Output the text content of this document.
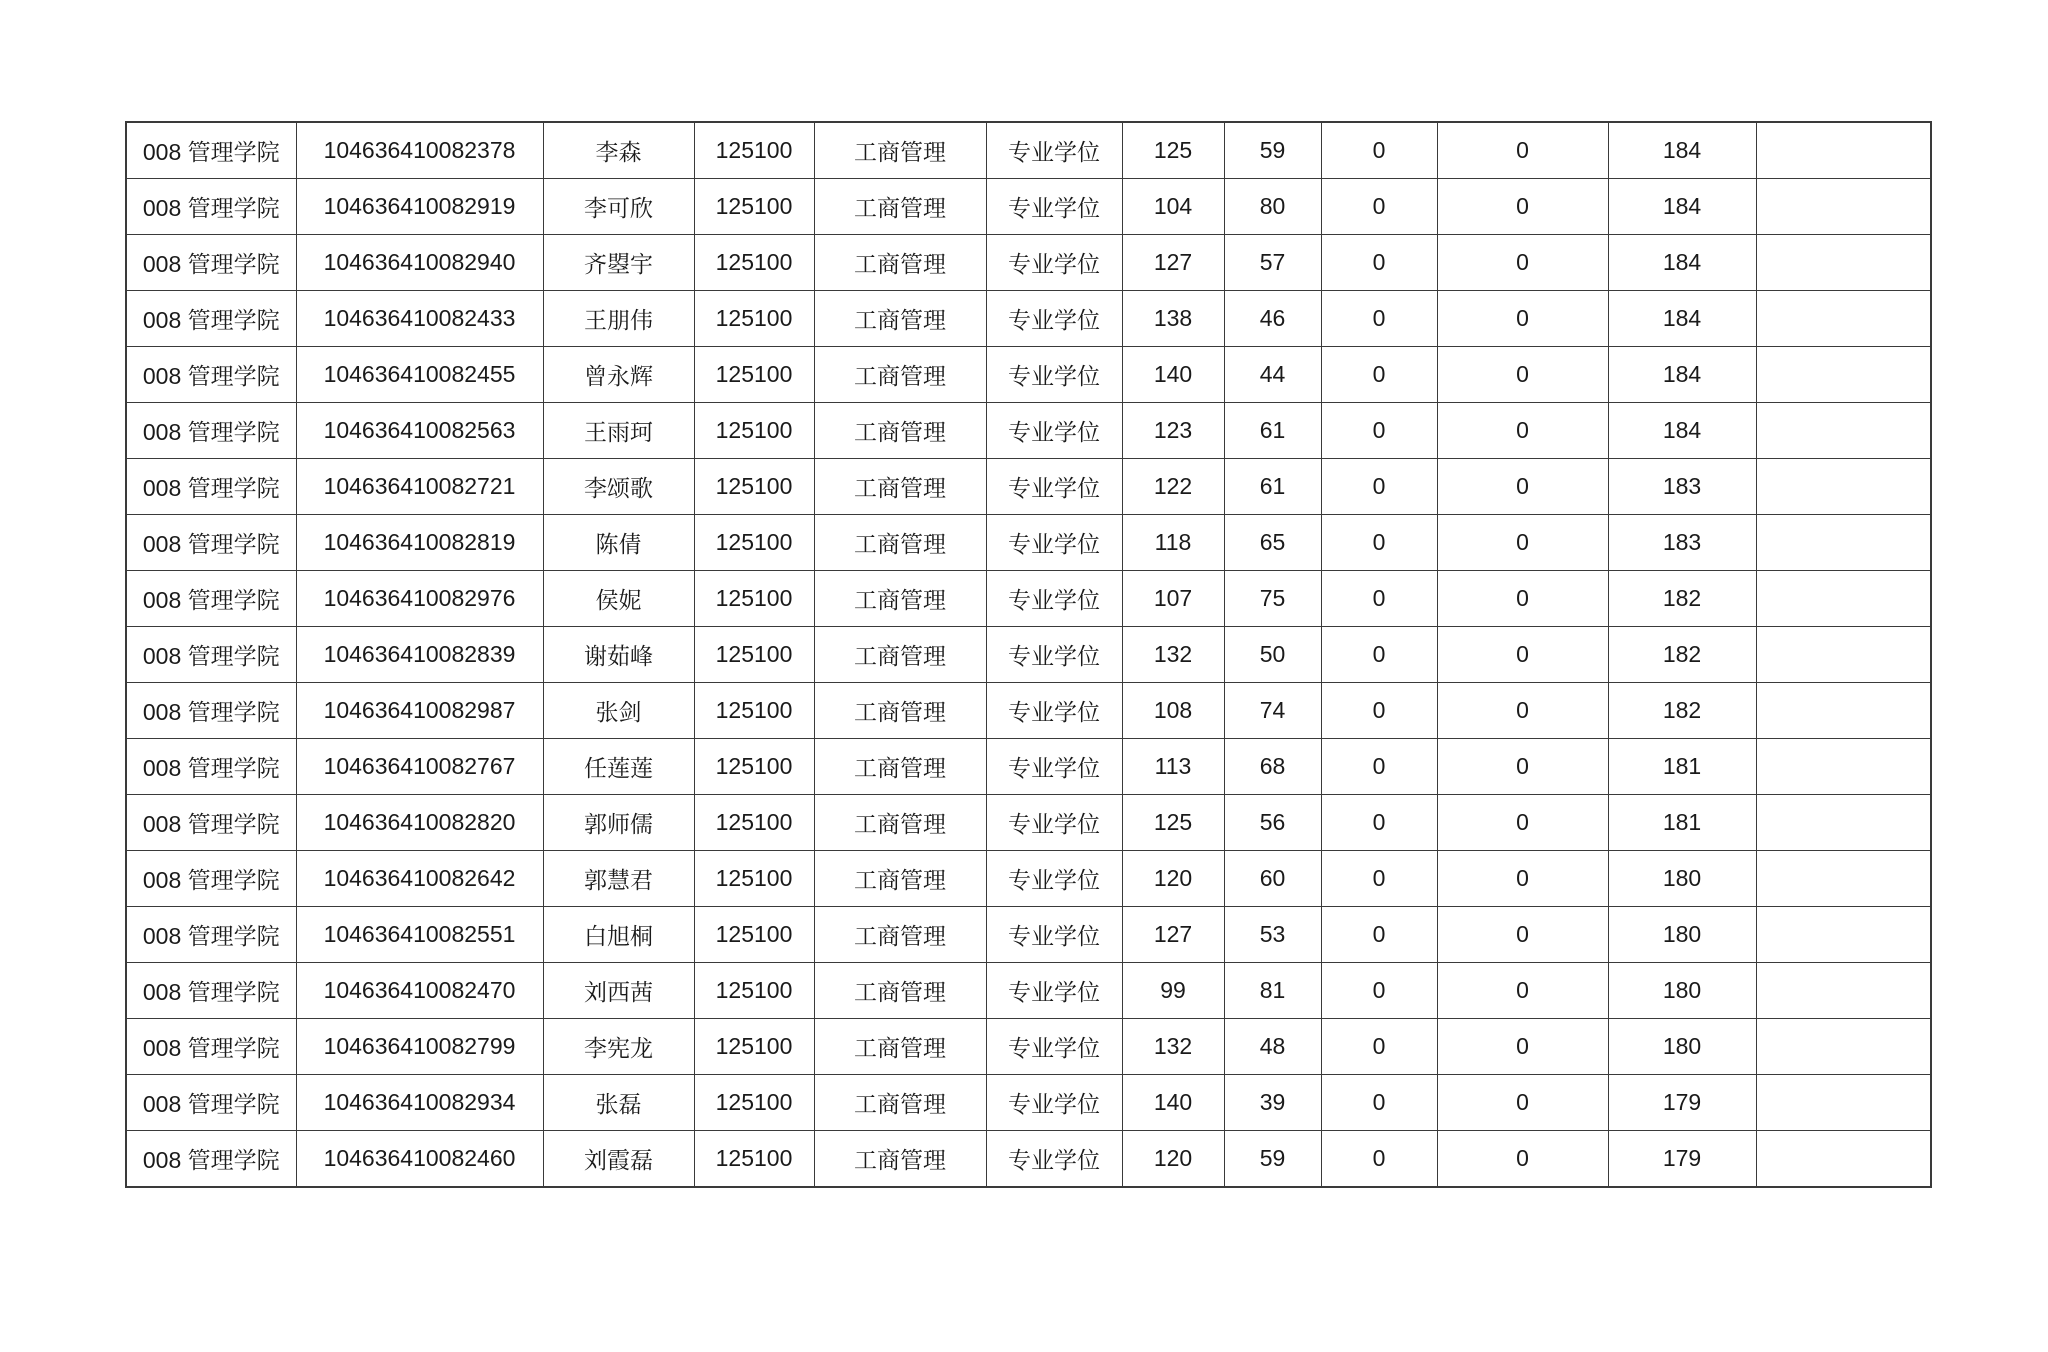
008 管理学院	104636410082378	李森	125100	工商管理	专业学位	125	59	0	0	184	
008 管理学院	104636410082919	李可欣	125100	工商管理	专业学位	104	80	0	0	184	
008 管理学院	104636410082940	齐曌宇	125100	工商管理	专业学位	127	57	0	0	184	
008 管理学院	104636410082433	王朋伟	125100	工商管理	专业学位	138	46	0	0	184	
008 管理学院	104636410082455	曾永辉	125100	工商管理	专业学位	140	44	0	0	184	
008 管理学院	104636410082563	王雨珂	125100	工商管理	专业学位	123	61	0	0	184	
008 管理学院	104636410082721	李颂歌	125100	工商管理	专业学位	122	61	0	0	183	
008 管理学院	104636410082819	陈倩	125100	工商管理	专业学位	118	65	0	0	183	
008 管理学院	104636410082976	侯妮	125100	工商管理	专业学位	107	75	0	0	182	
008 管理学院	104636410082839	谢茹峰	125100	工商管理	专业学位	132	50	0	0	182	
008 管理学院	104636410082987	张剑	125100	工商管理	专业学位	108	74	0	0	182	
008 管理学院	104636410082767	任莲莲	125100	工商管理	专业学位	113	68	0	0	181	
008 管理学院	104636410082820	郭师儒	125100	工商管理	专业学位	125	56	0	0	181	
008 管理学院	104636410082642	郭慧君	125100	工商管理	专业学位	120	60	0	0	180	
008 管理学院	104636410082551	白旭桐	125100	工商管理	专业学位	127	53	0	0	180	
008 管理学院	104636410082470	刘西茜	125100	工商管理	专业学位	99	81	0	0	180	
008 管理学院	104636410082799	李宪龙	125100	工商管理	专业学位	132	48	0	0	180	
008 管理学院	104636410082934	张磊	125100	工商管理	专业学位	140	39	0	0	179	
008 管理学院	104636410082460	刘霞磊	125100	工商管理	专业学位	120	59	0	0	179	
